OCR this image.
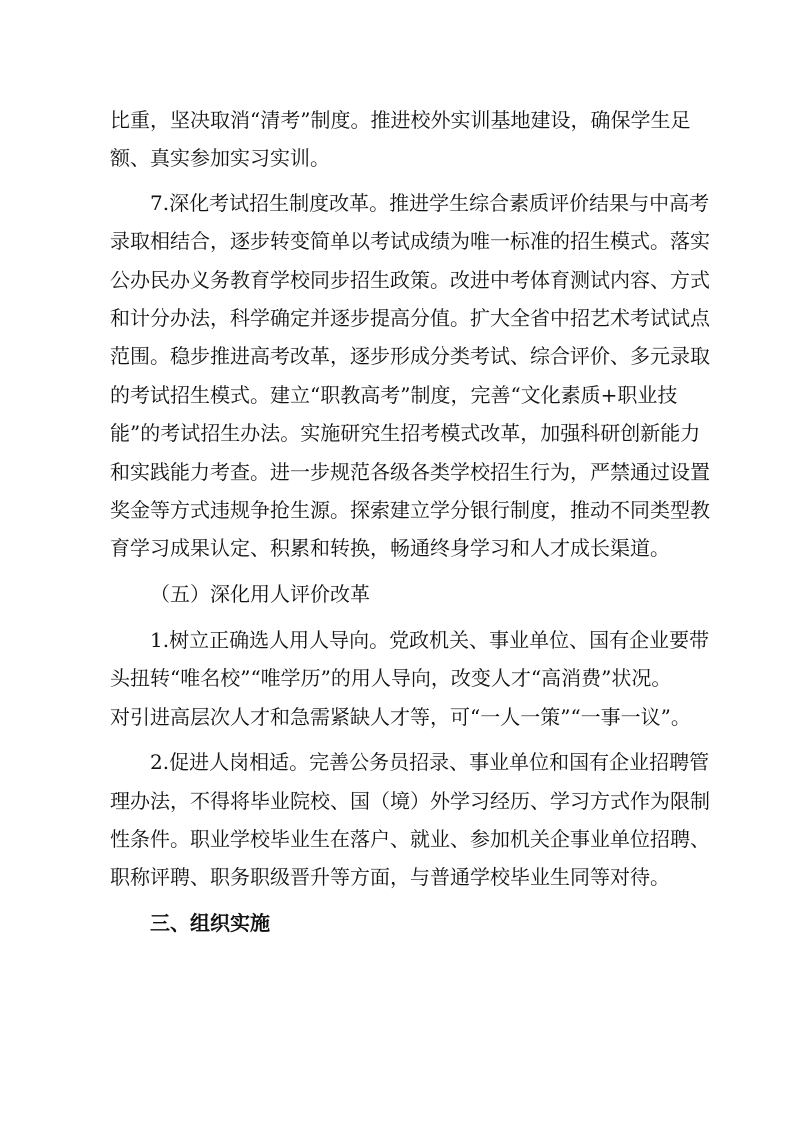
比重，坚决取消“清考”制度。推进校外实训基地建设，确保学生足
额、真实参加实习实训。
7.深化考试招生制度改革。推进学生综合素质评价结果与中高考
录取相结合，逐步转变简单以考试成绩为唯一标准的招生模式。落实
公办民办义务教育学校同步招生政策。改进中考体育测试内容、方式
和计分办法，科学确定并逐步提高分值。扩大全省中招艺术考试试点
范围。稳步推进高考改革，逐步形成分类考试、综合评价、多元录取
的考试招生模式。建立“职教高考”制度，完善“文化素质+职业技
能”的考试招生办法。实施研究生招考模式改革，加强科研创新能力
和实践能力考查。进一步规范各级各类学校招生行为，严禁通过设置
奖金等方式违规争抢生源。探索建立学分银行制度，推动不同类型教
育学习成果认定、积累和转换，畅通终身学习和人才成长渠道。
（五）深化用人评价改革
1.树立正确选人用人导向。党政机关、事业单位、国有企业要带
头扭转“唯名校”“唯学历”的用人导向，改变人才“高消费”状况。
对引进高层次人才和急需紧缺人才等，可“一人一策”“一事一议”。
2.促进人岗相适。完善公务员招录、事业单位和国有企业招聘管
理办法，不得将毕业院校、国（境）外学习经历、学习方式作为限制
性条件。职业学校毕业生在落户、就业、参加机关企事业单位招聘、
职称评聘、职务职级晋升等方面，与普通学校毕业生同等对待。
三、组织实施
